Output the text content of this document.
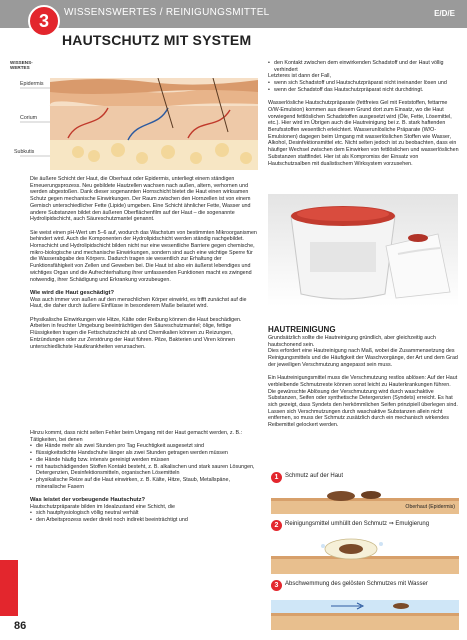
3	WISSENSWERTES / REINIGUNGSMITTEL	E/D/E
HAUTSCHUTZ MIT SYSTEM
WISSENS-
WERTES
Epidermis
Corium
Subkutis

Die äußere Schicht der Haut, die Oberhaut oder Epidermis, unterliegt einem ständigen Erneuerungsprozess. Neu gebildete Hautzellen wachsen nach außen, altern, verhornen und werden abgestoßen. Dank dieser sogenannten Hornschicht bietet die Haut einen wirksamen Schutz gegen mechanische Einwirkungen. Der Raum zwischen den Hornzellen ist von einem Gemisch unterschiedlicher Fette (Lipide) umgeben. Eine Schicht ähnlicher Fette, Wasser und andere Substanzen bildet den äußeren Oberflächenfilm auf der Haut – die sogenannte Hydrolipidschicht, auch Säureschutzmantel genannt.

Sie weist einen pH-Wert um 5–6 auf, wodurch das Wachstum von bestimmten Mikroorganismen behindert wird. Auch die Komponenten der Hydrolipidschicht werden ständig nachgebildet. Hornschicht und Hydrolipidschicht bilden nicht nur eine wesentliche Barriere gegen chemische, mikro-biologische und mechanische Einwirkungen, sondern sind auch eine wichtige Sperre für die Wasserabgabe des Körpers. Dadurch tragen sie wesentlich zur Erhaltung der Funktionsfähigkeit von Zellen und Geweben bei. Die Haut ist also ein äußerst lebendiges und wichtiges Organ und die Aufrechterhaltung ihrer umfassenden Funktionen macht es zwingend notwendig, ihrer Schädigung und Erkrankung vorzubeugen.

Wie wird die Haut geschädigt?

Was auch immer von außen auf den menschlichen Körper einwirkt, es trifft zunächst auf die Haut, die daher durch äußere Einflüsse in besonderem Maße belastet wird.

Physikalische Einwirkungen wie Hitze, Kälte oder Reibung können die Haut beschädigen. Arbeiten in feuchter Umgebung beeinträchtigen den Säureschutzmantel; ölige, fettige Flüssigkeiten tragen die Fettschutzschicht ab und Chemikalien können zu Reizungen, Entzündungen oder zur Zerstörung der Haut führen. Pilze, Bakterien und Viren können unterschiedlichste Hautkrankheiten verursachen.

Hinzu kommt, dass nicht selten Fehler beim Umgang mit der Haut gemacht werden, z. B.: Tätigkeiten, bei denen

• die Hände mehr als zwei Stunden pro Tag Feuchtigkeit ausgesetzt sind
• flüssigkeitsdichte Handschuhe länger als zwei Stunden getragen werden müssen
• die Hände häufig bzw. intensiv gereinigt werden müssen
• mit hautschädigenden Stoffen Kontakt besteht, z. B. alkalischen und stark sauren Lösungen, Detergenzien, Desinfektionsmitteln, organischen Lösemitteln
• physikalische Reize auf die Haut einwirken, z. B. Kälte, Hitze, Staub, Metallspäne, mineralische Fasern
Was leistet der vorbeugende Hautschutz?

Hautschutzpräparate bilden im Idealzustand eine Schicht, die

• sich hautphysiologisch völlig neutral verhält
• den Arbeitsprozess weder direkt noch indirekt beeinträchtigt und
• den Kontakt zwischen dem einwirkenden Schadstoff und der Haut völlig verhindert

Letzteres ist dann der Fall,

• wenn sich Schadstoff und Hautschutzpräparat nicht ineinander lösen und
• wenn der Schadstoff das Hautschutzpräparat nicht durchdringt.

Wasserlösliche Hautschutzpräparate (fettfreies Gel mit Feststoffen, fettarme O/W-Emulsion) kommen aus diesem Grund dort zum Einsatz, wo die Haut vorwiegend fettlöslichen Schadstoffen ausgesetzt wird (Öle, Fette, Lösemittel, etc.). Hier wird im Übrigen auch die Hautreinigung bei z. B. stark haftenden Berufsstoffen wesentlich erleichtert. Wasserunlösliche Präparate (W/O-Emulsionen) dagegen beim Umgang mit wasserlöslichen Stoffen wie Wasser, Alkohol, Desinfektionsmittel etc. Nicht selten jedoch ist zu beobachten, dass ein häufiger Wechsel zwischen dem Einwirken von fettlöslichen und wasserlöslichen Substanzen stattfindet. Hier ist als Kompromiss der Einsatz von Hautschutzsalben mit dualistischem Wirksystem vorzusehen.

HAUTREINIGUNG

Grundsätzlich sollte die Hautreinigung gründlich, aber gleichzeitig auch hautschonend sein.

Dies erfordert eine Hautreinigung nach Maß, wobei die Zusammensetzung des Reinigungsmittels und die Häufigkeit der Waschvorgänge, der Art und dem Grad der jeweiligen Verschmutzung angepasst sein muss.

Ein Hautreinigungsmittel muss die Verschmutzung restlos ablösen: Auf der Haut verbleibende Schmutzreste können sonst leicht zu Hauterkrankungen führen. Die gewünschte Ablösung der Verschmutzung wird durch waschaktive Substanzen, Seifen oder synthetische Detergenzien (Syndets) erreicht. Es hat sich gezeigt, dass Syndets den herkömmlichen Seifen prinzipiell überlegen sind. Lassen sich Verschmutzungen durch waschaktive Substanzen allein nicht entfernen, so muss der Schmutz zusätzlich durch ein mechanisch wirkendes Reibemittel gelockert werden.

1	Schmutz auf der Haut
Oberhaut (Epidermis)
2	Reinigungsmittel umhüllt den Schmutz ⇒ Emulgierung
3	Abschwemmung des gelösten Schmutzes mit Wasser
3. Reinigungsmittel
86
